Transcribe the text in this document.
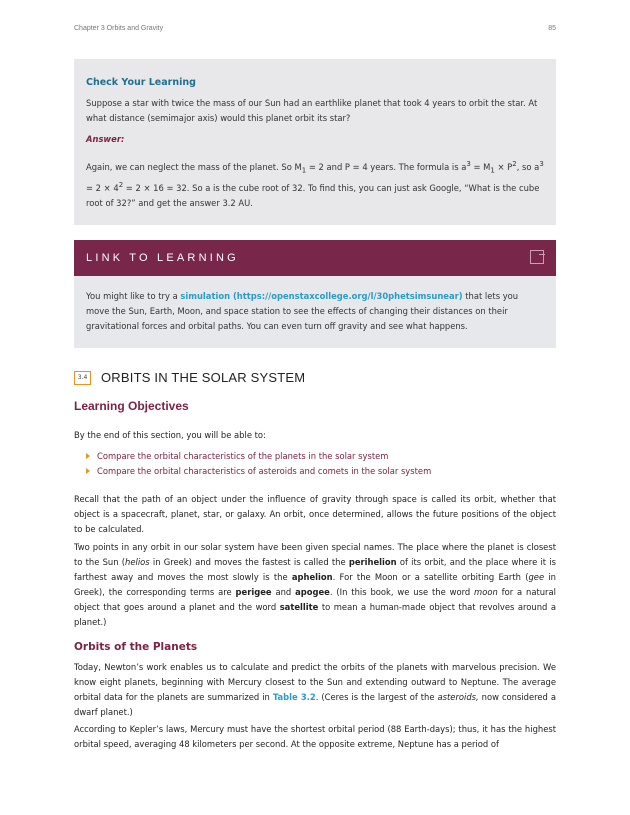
Chapter 3 Orbits and Gravity	85
Check Your Learning

Suppose a star with twice the mass of our Sun had an earthlike planet that took 4 years to orbit the star. At what distance (semimajor axis) would this planet orbit its star?

Answer:

Again, we can neglect the mass of the planet. So $M_1 = 2$ and P = 4 years. The formula is $a^3 = M_1 \times P^2$, so $a^3 = 2 \times 4^2 = 2 \times 16 = 32$. So a is the cube root of 32. To find this, you can just ask Google, “What is the cube root of 32?” and get the answer 3.2 AU.

LINK TO LEARNING

You might like to try a simulation (https://openstaxcollege.org/l/30phetsimsunear) that lets you move the Sun, Earth, Moon, and space station to see the effects of changing their distances on their gravitational forces and orbital paths. You can even turn off gravity and see what happens.

3.4 ORBITS IN THE SOLAR SYSTEM
Learning Objectives

By the end of this section, you will be able to:

Compare the orbital characteristics of the planets in the solar system
Compare the orbital characteristics of asteroids and comets in the solar system

Recall that the path of an object under the influence of gravity through space is called its orbit, whether that object is a spacecraft, planet, star, or galaxy. An orbit, once determined, allows the future positions of the object to be calculated.

Two points in any orbit in our solar system have been given special names. The place where the planet is closest to the Sun (helios in Greek) and moves the fastest is called the perihelion of its orbit, and the place where it is farthest away and moves the most slowly is the aphelion. For the Moon or a satellite orbiting Earth (gee in Greek), the corresponding terms are perigee and apogee. (In this book, we use the word moon for a natural object that goes around a planet and the word satellite to mean a human-made object that revolves around a planet.)

Orbits of the Planets

Today, Newton’s work enables us to calculate and predict the orbits of the planets with marvelous precision. We know eight planets, beginning with Mercury closest to the Sun and extending outward to Neptune. The average orbital data for the planets are summarized in Table 3.2. (Ceres is the largest of the asteroids, now considered a dwarf planet.)

According to Kepler’s laws, Mercury must have the shortest orbital period (88 Earth-days); thus, it has the highest orbital speed, averaging 48 kilometers per second. At the opposite extreme, Neptune has a period of
